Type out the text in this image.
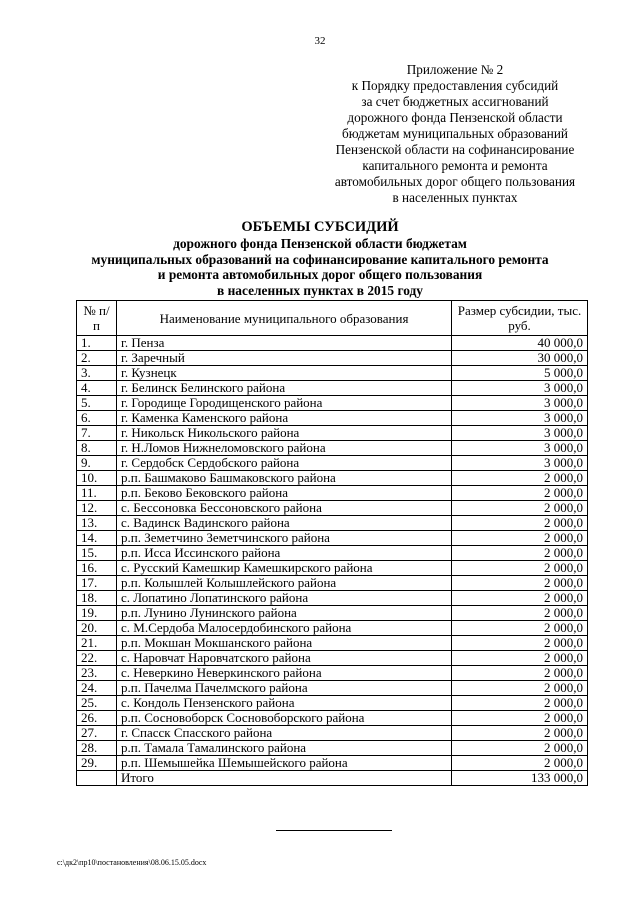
32
Приложение № 2
к Порядку предоставления субсидий
за счет бюджетных ассигнований
дорожного фонда Пензенской области
бюджетам муниципальных образований
Пензенской области на софинансирование
капитального ремонта и ремонта
автомобильных дорог общего пользования
в населенных пунктах
ОБЪЕМЫ СУБСИДИЙ
дорожного фонда Пензенской области бюджетам
муниципальных образований на софинансирование капитального ремонта
и ремонта автомобильных дорог общего пользования
в населенных пунктах в 2015 году
№ п/п	Наименование муниципального образования	Размер субсидии, тыс. руб.
1.	г. Пенза	40 000,0
2.	г. Заречный	30 000,0
3.	г. Кузнецк	5 000,0
4.	г. Белинск Белинского района	3 000,0
5.	г. Городище Городищенского района	3 000,0
6.	г. Каменка Каменского района	3 000,0
7.	г. Никольск Никольского района	3 000,0
8.	г. Н.Ломов Нижнеломовского района	3 000,0
9.	г. Сердобск Сердобского района	3 000,0
10.	р.п. Башмаково Башмаковского района	2 000,0
11.	р.п. Беково Бековского района	2 000,0
12.	с. Бессоновка Бессоновского района	2 000,0
13.	с. Вадинск Вадинского района	2 000,0
14.	р.п. Земетчино Земетчинского района	2 000,0
15.	р.п. Исса Иссинского района	2 000,0
16.	с. Русский Камешкир Камешкирского района	2 000,0
17.	р.п. Колышлей Колышлейского района	2 000,0
18.	с. Лопатино Лопатинского района	2 000,0
19.	р.п. Лунино Лунинского района	2 000,0
20.	с. М.Сердоба Малосердобинского района	2 000,0
21.	р.п. Мокшан Мокшанского района	2 000,0
22.	с. Наровчат Наровчатского района	2 000,0
23.	с. Неверкино Неверкинского района	2 000,0
24.	р.п. Пачелма Пачелмского района	2 000,0
25.	с. Кондоль Пензенского района	2 000,0
26.	р.п. Сосновоборск Сосновоборского района	2 000,0
27.	г. Спасск Спасского района	2 000,0
28.	р.п. Тамала Тамалинского района	2 000,0
29.	р.п. Шемышейка Шемышейского района	2 000,0
	Итого	133 000,0
c:\дк2\пр10\постановления\08.06.15.05.docx
